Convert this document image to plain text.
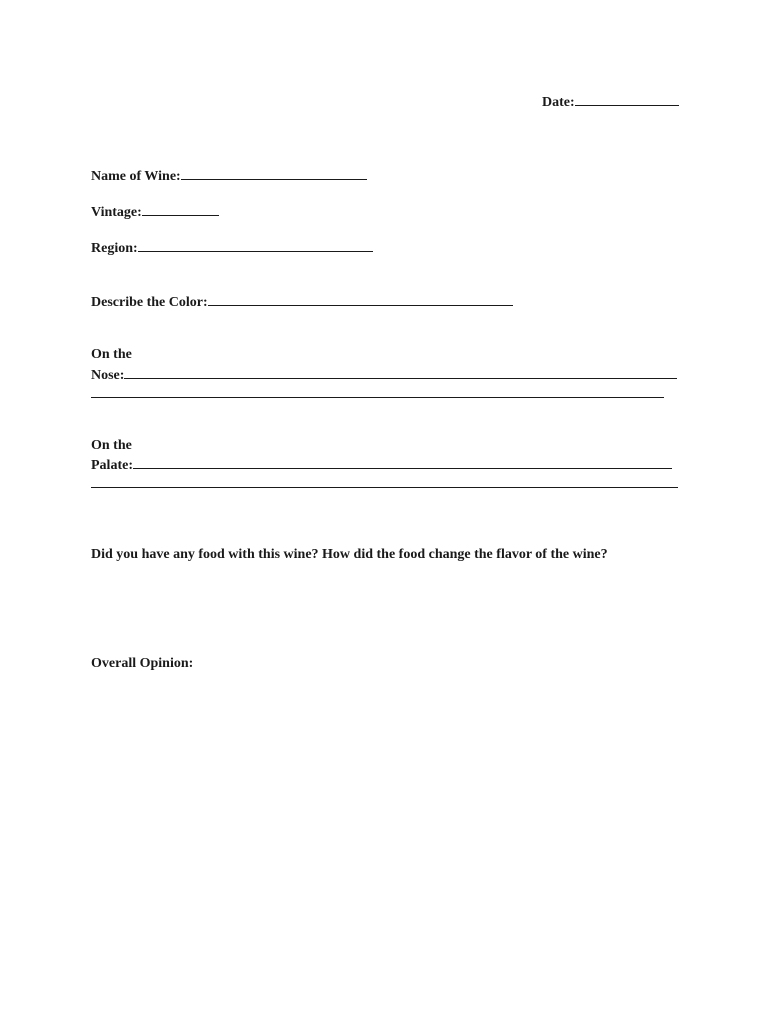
Date:
Name of Wine:
Vintage:
Region:
Describe the Color:
On the
Nose:
On the
Palate:
Did you have any food with this wine? How did the food change the flavor of the wine?
Overall Opinion:
